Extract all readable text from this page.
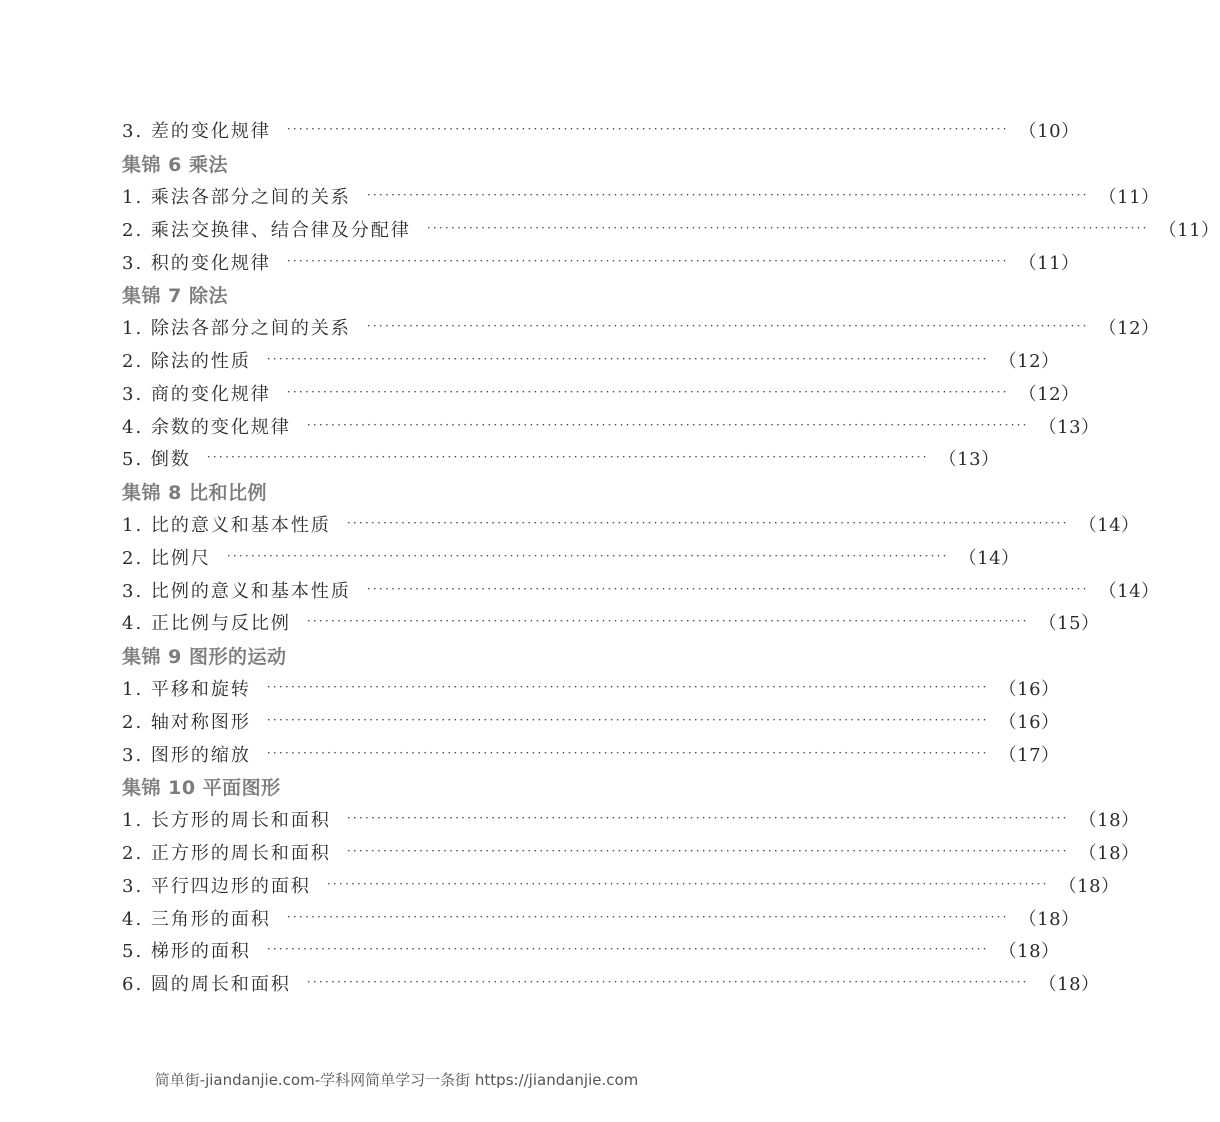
3. 差的变化规律 ························································································································ （10）
集锦 6 乘法
1. 乘法各部分之间的关系 ························································································································ （11）
2. 乘法交换律、结合律及分配律 ························································································································ （11）
3. 积的变化规律 ························································································································ （11）
集锦 7 除法
1. 除法各部分之间的关系 ························································································································ （12）
2. 除法的性质 ························································································································ （12）
3. 商的变化规律 ························································································································ （12）
4. 余数的变化规律 ························································································································ （13）
5. 倒数 ························································································································ （13）
集锦 8 比和比例
1. 比的意义和基本性质 ························································································································ （14）
2. 比例尺 ························································································································ （14）
3. 比例的意义和基本性质 ························································································································ （14）
4. 正比例与反比例 ························································································································ （15）
集锦 9 图形的运动
1. 平移和旋转 ························································································································ （16）
2. 轴对称图形 ························································································································ （16）
3. 图形的缩放 ························································································································ （17）
集锦 10 平面图形
1. 长方形的周长和面积 ························································································································ （18）
2. 正方形的周长和面积 ························································································································ （18）
3. 平行四边形的面积 ························································································································ （18）
4. 三角形的面积 ························································································································ （18）
5. 梯形的面积 ························································································································ （18）
6. 圆的周长和面积 ························································································································ （18）
简单街-jiandanjie.com-学科网简单学习一条街 https://jiandanjie.com
